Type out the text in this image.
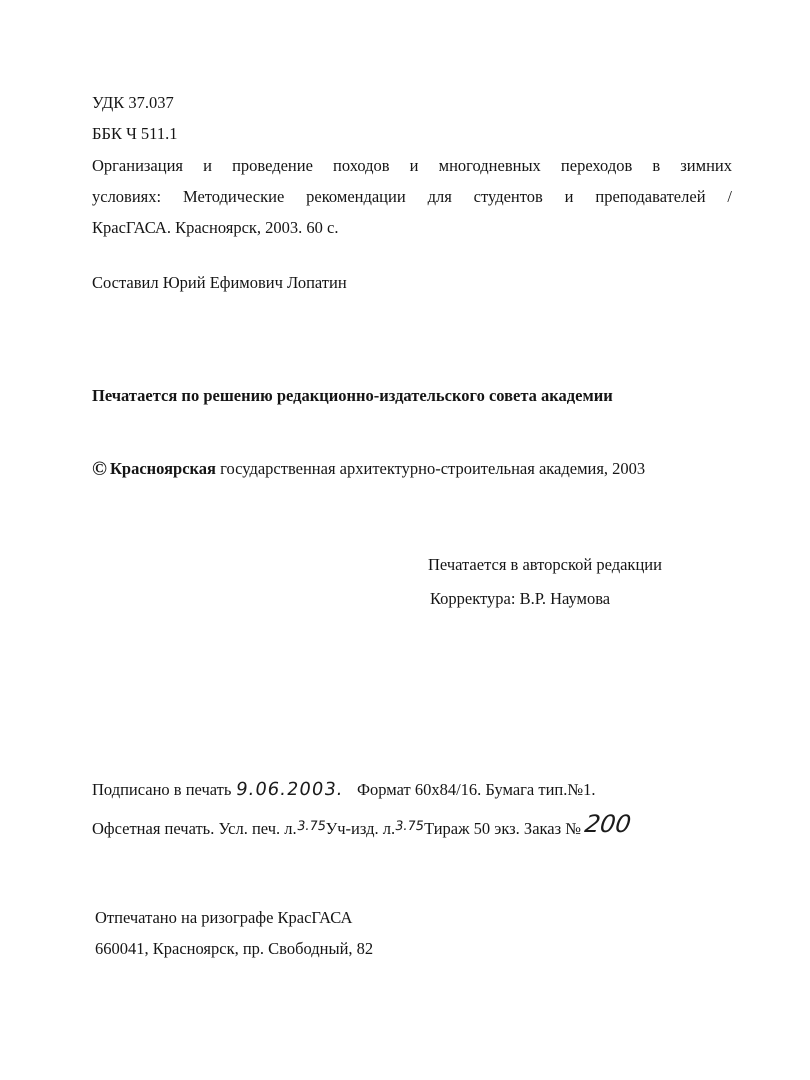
УДК 37.037
ББК Ч 511.1
Организация и проведение походов и многодневных переходов в зимних
условиях: Методические рекомендации для студентов и преподавателей /
КрасГАСА. Красноярск, 2003. 60 с.
Составил Юрий Ефимович Лопатин
Печатается по решению редакционно-издательского совета академии
© Красноярская государственная архитектурно-строительная академия, 2003
Печатается в авторской редакции
Корректура: В.Р. Наумова
Подписано в печать 9.06.2003. Формат 60х84/16. Бумага тип.№1.
Офсетная печать. Усл. печ. л.3.75Уч-изд. л.3.75Тираж 50 экз. Заказ № 200
Отпечатано на ризографе КрасГАСА
660041, Красноярск, пр. Свободный, 82
